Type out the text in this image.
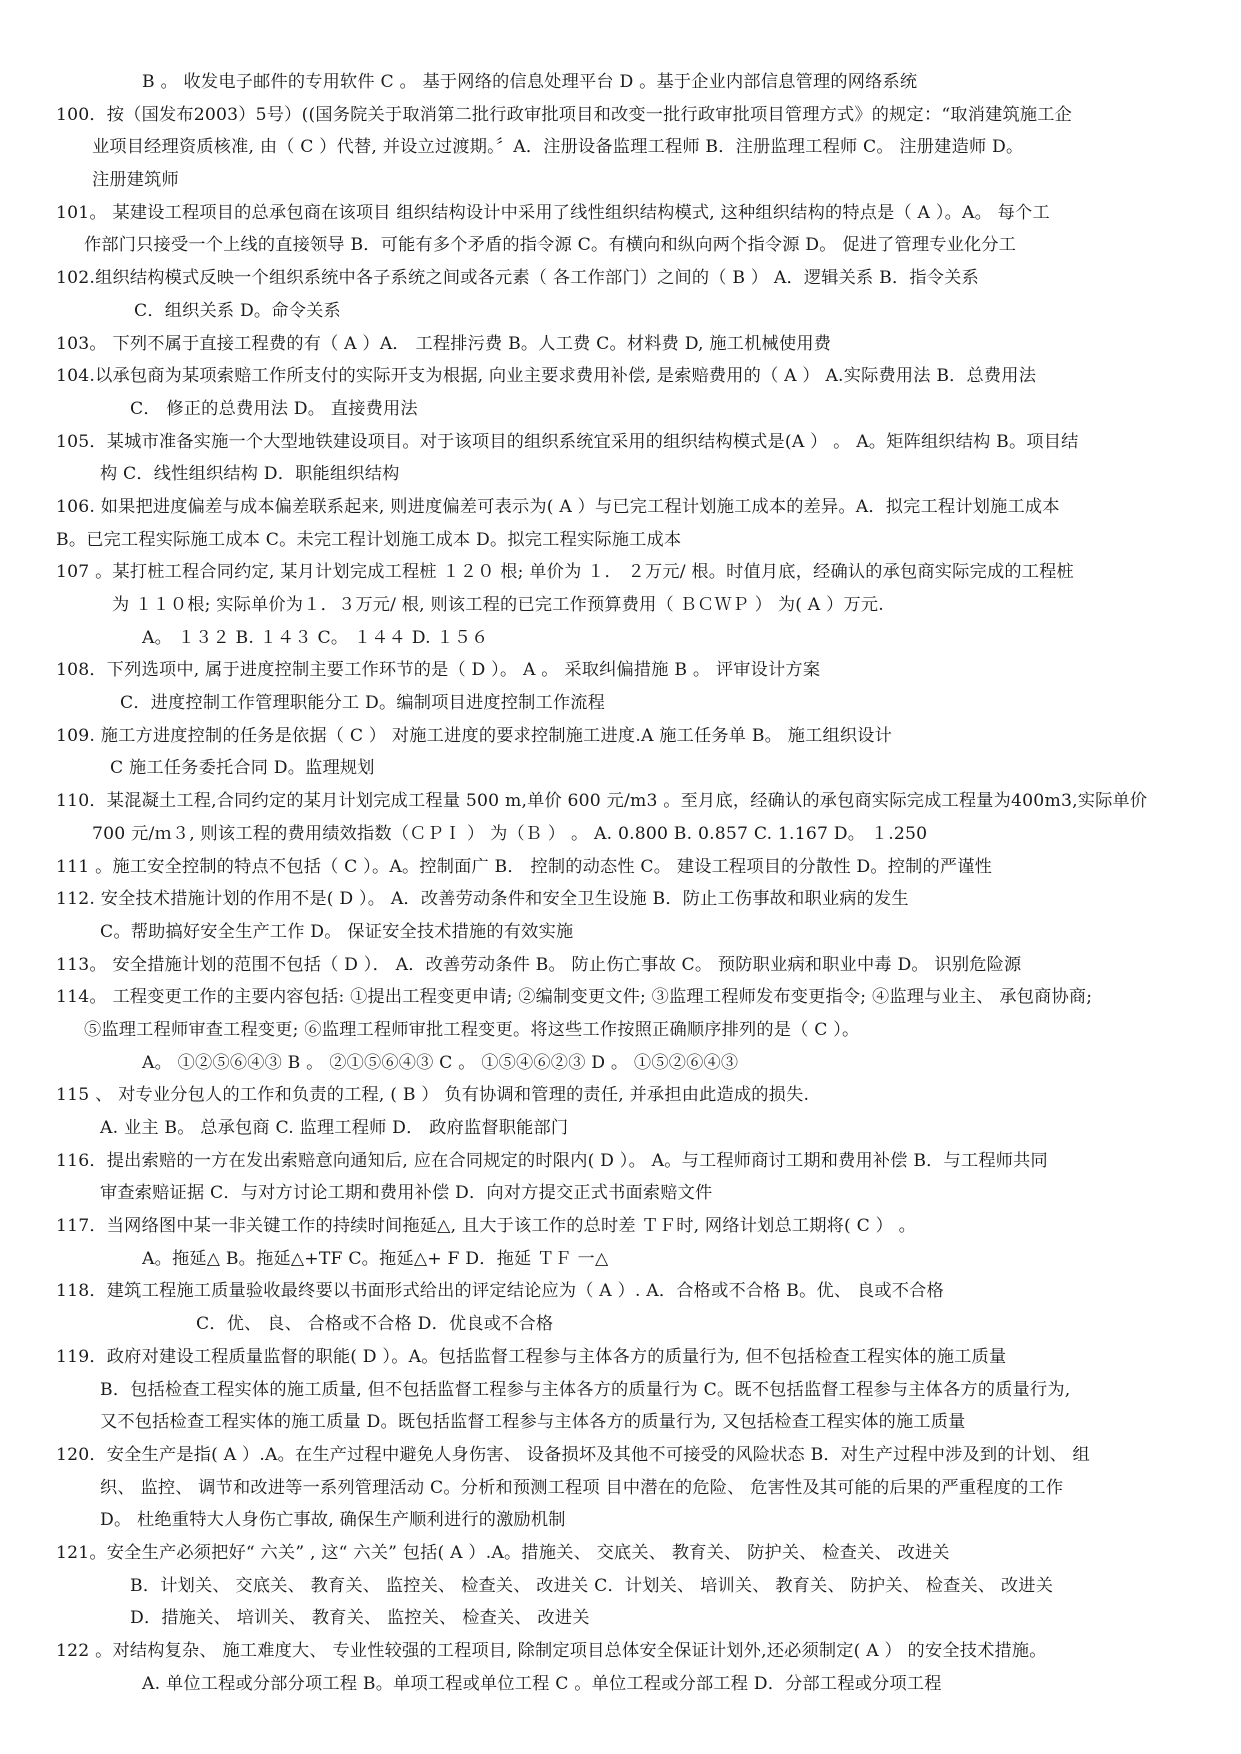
B 。 收发电子邮件的专用软件 C 。 基于网络的信息处理平台 D 。基于企业内部信息管理的网络系统
100．按（国发布2003）5号）((国务院关于取消第二批行政审批项目和改变一批行政审批项目管理方式》的规定：“取消建筑施工企
业项目经理资质核准, 由（ C ）代替, 并设立过渡期。〞A．注册设备监理工程师 B．注册监理工程师 C。 注册建造师 D。
注册建筑师
101。 某建设工程项目的总承包商在该项目 组织结构设计中采用了线性组织结构模式, 这种组织结构的特点是（ A ）。A。 每个工
作部门只接受一个上线的直接领导 B．可能有多个矛盾的指令源 C。有横向和纵向两个指令源 D。 促进了管理专业化分工
102.组织结构模式反映一个组织系统中各子系统之间或各元素（ 各工作部门）之间的（ B ） A．逻辑关系 B．指令关系
C．组织关系 D。命令关系
103。 下列不属于直接工程费的有（ A ）A． 工程排污费 B。人工费 C。材料费 D, 施工机械使用费
104.以承包商为某项索赔工作所支付的实际开支为根据, 向业主要求费用补偿, 是索赔费用的（ A ） A.实际费用法 B．总费用法
C． 修正的总费用法 D。 直接费用法
105．某城市准备实施一个大型地铁建设项目。对于该项目的组织系统宜采用的组织结构模式是(A ） 。 A。矩阵组织结构 B。项目结
构 C．线性组织结构 D．职能组织结构
106. 如果把进度偏差与成本偏差联系起来, 则进度偏差可表示为( A ）与已完工程计划施工成本的差异。A．拟完工程计划施工成本
B。已完工程实际施工成本 C。未完工程计划施工成本 D。拟完工程实际施工成本
107 。某打桩工程合同约定, 某月计划完成工程桩 １２０ 根; 单价为 １． ２万元/ 根。时值月底，经确认的承包商实际完成的工程桩
为 １１０根; 实际单价为１．３万元/ 根, 则该工程的已完工作预算费用（ ＢＣＷＰ ） 为( A ）万元.
A。 １３２ B. １４３ C。 １４４ D. １５６
108．下列选项中, 属于进度控制主要工作环节的是（ D ）。 A 。 采取纠偏措施 B 。 评审设计方案
C．进度控制工作管理职能分工 D。编制项目进度控制工作流程
109. 施工方进度控制的任务是依据（ C ） 对施工进度的要求控制施工进度.A 施工任务单 B。 施工组织设计
C 施工任务委托合同 D。监理规划
110．某混凝土工程,合同约定的某月计划完成工程量 500 m,单价 600 元/m3 。至月底，经确认的承包商实际完成工程量为400m3,实际单价
700 元/ｍ３, 则该工程的费用绩效指数（ＣＰＩ ） 为（Ｂ ） 。 A. 0.800 B. 0.857 C. 1.167 D。 １.250
111 。施工安全控制的特点不包括（ C ）。A。控制面广 B． 控制的动态性 C。 建设工程项目的分散性 D。控制的严谨性
112. 安全技术措施计划的作用不是( D ）。 A．改善劳动条件和安全卫生设施 B．防止工伤事故和职业病的发生
C。帮助搞好安全生产工作 D。 保证安全技术措施的有效实施
113。 安全措施计划的范围不包括（ D ）． A．改善劳动条件 B。 防止伤亡事故 C。 预防职业病和职业中毒 D。 识别危险源
114。 工程变更工作的主要内容包括: ①提出工程变更申请; ②编制变更文件; ③监理工程师发布变更指令; ④监理与业主、 承包商协商;
⑤监理工程师审查工程变更; ⑥监理工程师审批工程变更。将这些工作按照正确顺序排列的是（ C ）。
A。 ①②⑤⑥④③ B 。 ②①⑤⑥④③ C 。 ①⑤④⑥②③ D 。 ①⑤②⑥④③
115 、 对专业分包人的工作和负责的工程, ( B ） 负有协调和管理的责任, 并承担由此造成的损失.
A. 业主 B。 总承包商 C. 监理工程师 D． 政府监督职能部门
116．提出索赔的一方在发出索赔意向通知后, 应在合同规定的时限内( D ）。 A。与工程师商讨工期和费用补偿 B．与工程师共同
审查索赔证据 C．与对方讨论工期和费用补偿 D．向对方提交正式书面索赔文件
117．当网络图中某一非关键工作的持续时间拖延△, 且大于该工作的总时差 ＴＦ时, 网络计划总工期将( C ） 。
A。拖延△ B。拖延△+TF C。拖延△+ F D．拖延 ＴＦ 一△
118．建筑工程施工质量验收最终要以书面形式给出的评定结论应为（ A ）. A．合格或不合格 B。优、 良或不合格
C．优、 良、 合格或不合格 D．优良或不合格
119．政府对建设工程质量监督的职能( D ）。A。包括监督工程参与主体各方的质量行为, 但不包括检查工程实体的施工质量
B．包括检查工程实体的施工质量, 但不包括监督工程参与主体各方的质量行为 C。既不包括监督工程参与主体各方的质量行为,
又不包括检查工程实体的施工质量 D。既包括监督工程参与主体各方的质量行为, 又包括检查工程实体的施工质量
120．安全生产是指( A ）.A。在生产过程中避免人身伤害、 设备损坏及其他不可接受的风险状态 B．对生产过程中涉及到的计划、 组
织、 监控、 调节和改进等一系列管理活动 C。分析和预测工程项 目中潜在的危险、 危害性及其可能的后果的严重程度的工作
D。 杜绝重特大人身伤亡事故, 确保生产顺利进行的激励机制
121。安全生产必须把好“ 六关” , 这“ 六关” 包括( A ）.A。措施关、 交底关、 教育关、 防护关、 检查关、 改进关
B．计划关、 交底关、 教育关、 监控关、 检查关、 改进关 C．计划关、 培训关、 教育关、 防护关、 检查关、 改进关
D．措施关、 培训关、 教育关、 监控关、 检查关、 改进关
122 。对结构复杂、 施工难度大、 专业性较强的工程项目, 除制定项目总体安全保证计划外,还必须制定( A ） 的安全技术措施。
A. 单位工程或分部分项工程 B。单项工程或单位工程 C 。单位工程或分部工程 D．分部工程或分项工程
